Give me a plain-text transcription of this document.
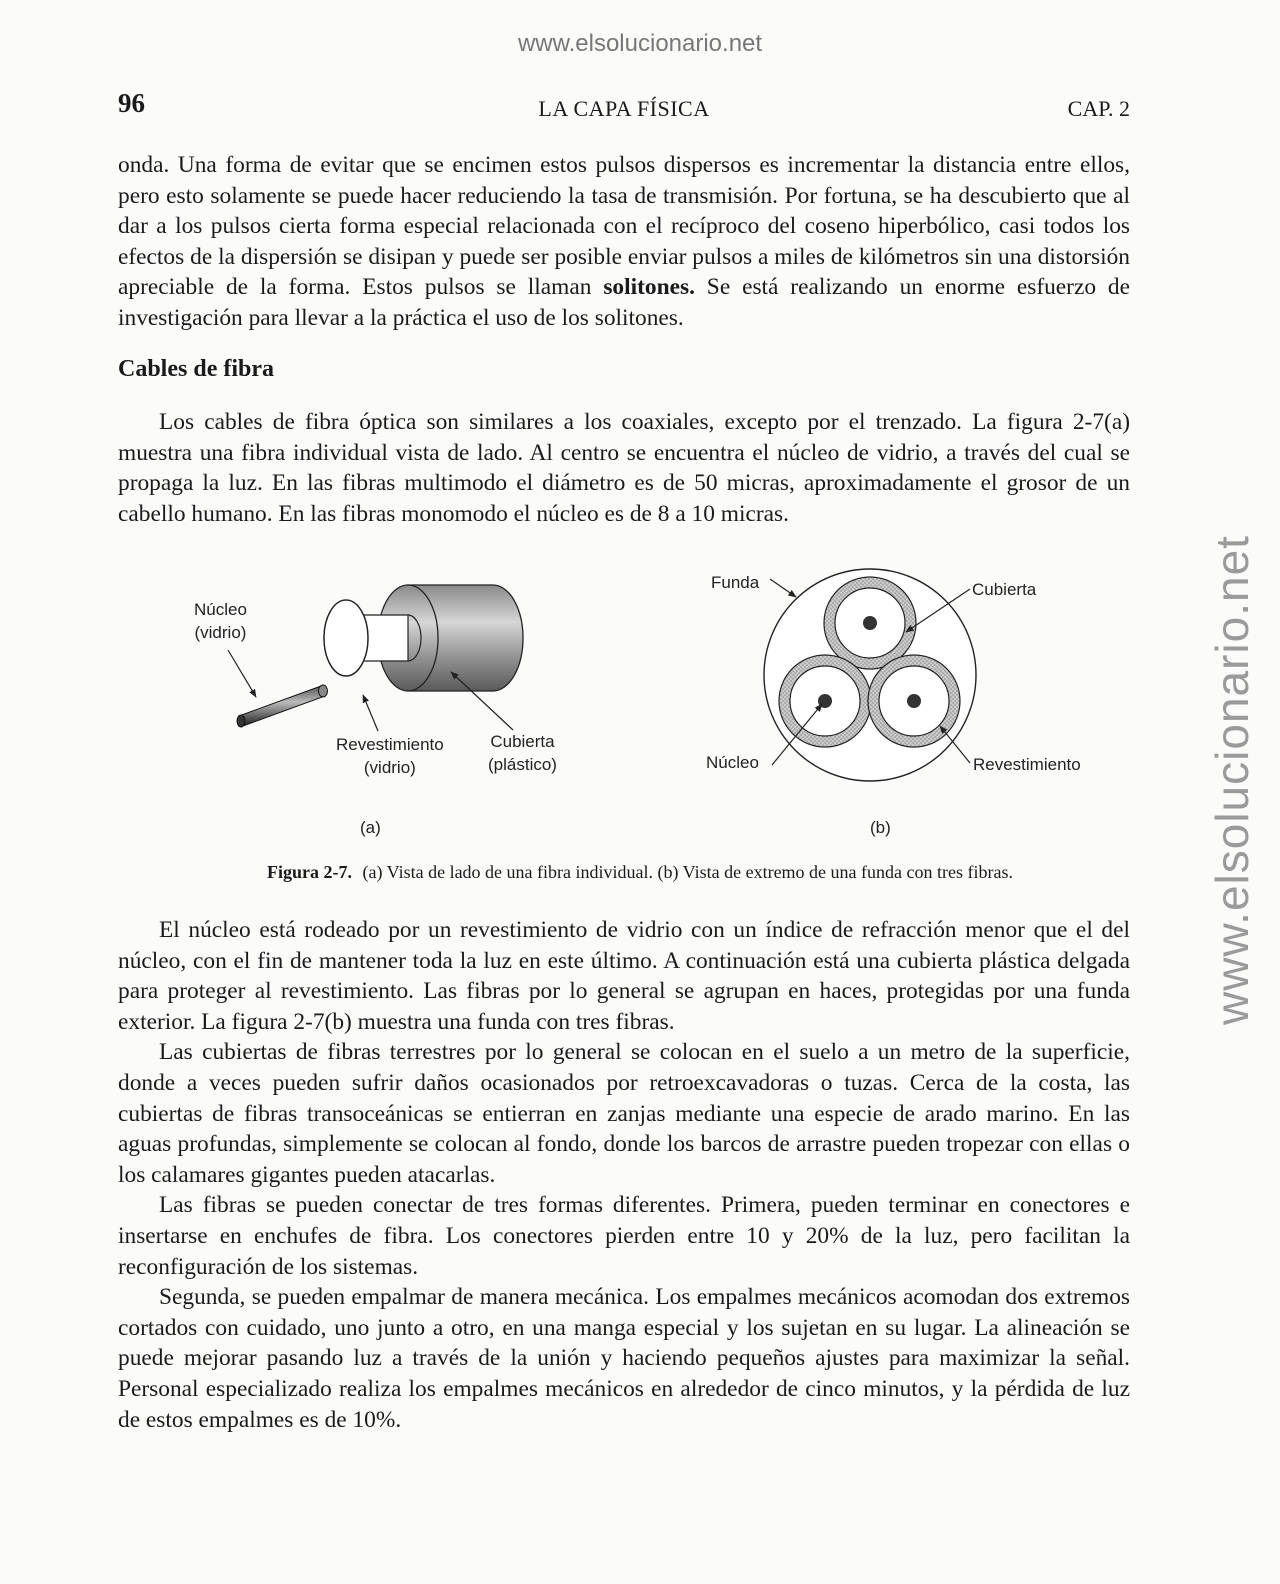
www.elsolucionario.net
www.elsolucionario.net
96	LA CAPA FÍSICA	CAP. 2

onda. Una forma de evitar que se encimen estos pulsos dispersos es incrementar la distancia entre ellos, pero esto solamente se puede hacer reduciendo la tasa de transmisión. Por fortuna, se ha descubierto que al dar a los pulsos cierta forma especial relacionada con el recíproco del coseno hiperbólico, casi todos los efectos de la dispersión se disipan y puede ser posible enviar pulsos a miles de kilómetros sin una distorsión apreciable de la forma. Estos pulsos se llaman solitones. Se está realizando un enorme esfuerzo de investigación para llevar a la práctica el uso de los solitones.

Cables de fibra

Los cables de fibra óptica son similares a los coaxiales, excepto por el trenzado. La figura 2-7(a) muestra una fibra individual vista de lado. Al centro se encuentra el núcleo de vidrio, a través del cual se propaga la luz. En las fibras multimodo el diámetro es de 50 micras, aproximadamente el grosor de un cabello humano. En las fibras monomodo el núcleo es de 8 a 10 micras.

Núcleo
(vidrio)
Revestimiento
(vidrio)
Cubierta
(plástico)
(a)
Funda	Cubierta
Núcleo	Revestimiento
(b)
Figura 2-7. (a) Vista de lado de una fibra individual. (b) Vista de extremo de una funda con tres fibras.

El núcleo está rodeado por un revestimiento de vidrio con un índice de refracción menor que el del núcleo, con el fin de mantener toda la luz en este último. A continuación está una cubierta plástica delgada para proteger al revestimiento. Las fibras por lo general se agrupan en haces, protegidas por una funda exterior. La figura 2-7(b) muestra una funda con tres fibras.

Las cubiertas de fibras terrestres por lo general se colocan en el suelo a un metro de la superficie, donde a veces pueden sufrir daños ocasionados por retroexcavadoras o tuzas. Cerca de la costa, las cubiertas de fibras transoceánicas se entierran en zanjas mediante una especie de arado marino. En las aguas profundas, simplemente se colocan al fondo, donde los barcos de arrastre pueden tropezar con ellas o los calamares gigantes pueden atacarlas.

Las fibras se pueden conectar de tres formas diferentes. Primera, pueden terminar en conectores e insertarse en enchufes de fibra. Los conectores pierden entre 10 y 20% de la luz, pero facilitan la reconfiguración de los sistemas.

Segunda, se pueden empalmar de manera mecánica. Los empalmes mecánicos acomodan dos extremos cortados con cuidado, uno junto a otro, en una manga especial y los sujetan en su lugar. La alineación se puede mejorar pasando luz a través de la unión y haciendo pequeños ajustes para maximizar la señal. Personal especializado realiza los empalmes mecánicos en alrededor de cinco minutos, y la pérdida de luz de estos empalmes es de 10%.
